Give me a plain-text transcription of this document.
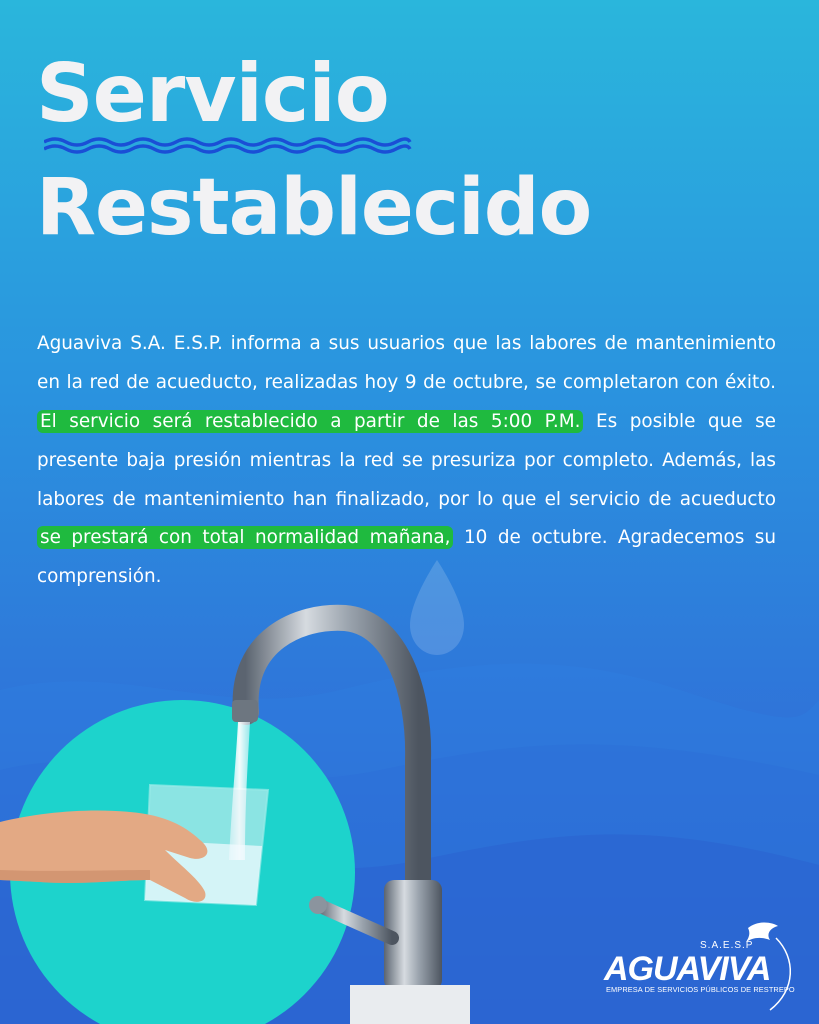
Servicio
Restablecido

Aguaviva S.A. E.S.P. informa a sus usuarios que las labores de mantenimiento en la red de acueducto, realizadas hoy 9 de octubre, se completaron con éxito. El servicio será restablecido a partir de las 5:00 P.M. Es posible que se presente baja presión mientras la red se presuriza por completo. Además, las labores de mantenimiento han finalizado, por lo que el servicio de acueducto se prestará con total normalidad mañana, 10 de octubre. Agradecemos su comprensión.

S.A.E.S.P
AGUAVIVA
EMPRESA DE SERVICIOS PÚBLICOS DE RESTREPO
